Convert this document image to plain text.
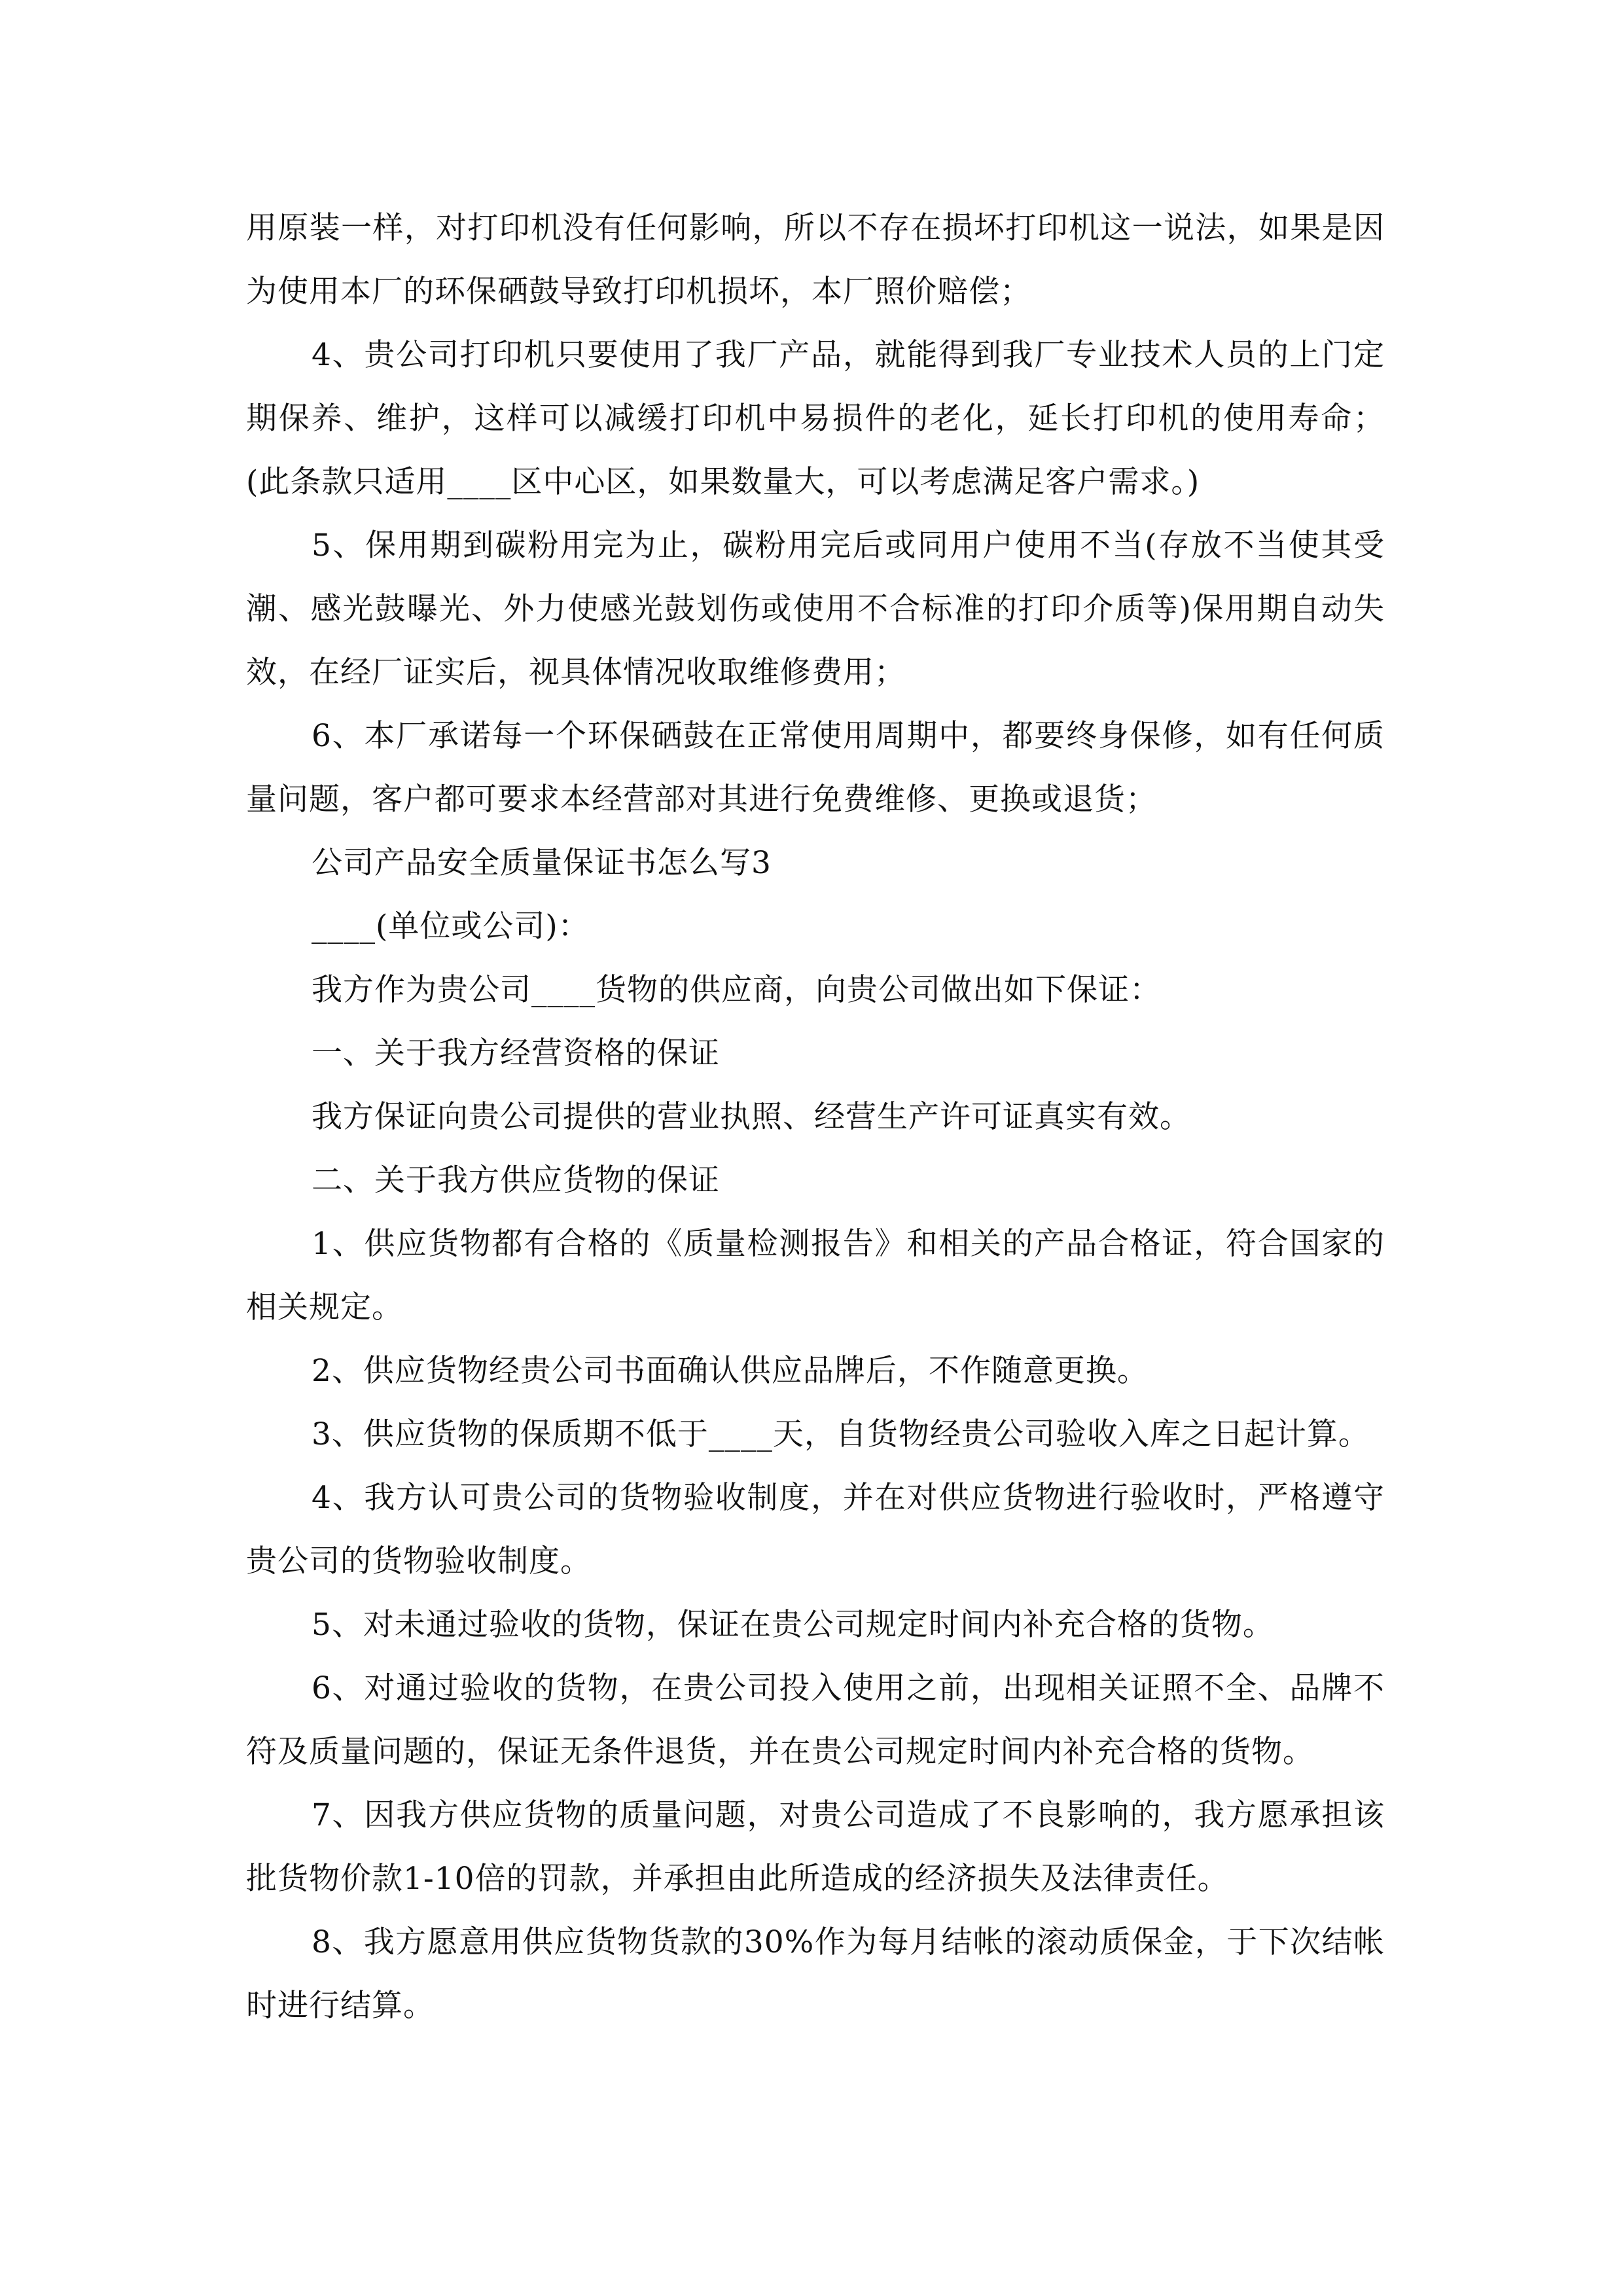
用原装一样，对打印机没有任何影响，所以不存在损坏打印机这一说法，如果是因为使用本厂的环保硒鼓导致打印机损坏，本厂照价赔偿；

4、贵公司打印机只要使用了我厂产品，就能得到我厂专业技术人员的上门定期保养、维护，这样可以减缓打印机中易损件的老化，延长打印机的使用寿命；(此条款只适用____区中心区，如果数量大，可以考虑满足客户需求。)

5、保用期到碳粉用完为止，碳粉用完后或同用户使用不当(存放不当使其受潮、感光鼓曝光、外力使感光鼓划伤或使用不合标准的打印介质等)保用期自动失效，在经厂证实后，视具体情况收取维修费用；

6、本厂承诺每一个环保硒鼓在正常使用周期中，都要终身保修，如有任何质量问题，客户都可要求本经营部对其进行免费维修、更换或退货；

公司产品安全质量保证书怎么写3

____(单位或公司)：

我方作为贵公司____货物的供应商，向贵公司做出如下保证：

一、关于我方经营资格的保证

我方保证向贵公司提供的营业执照、经营生产许可证真实有效。

二、关于我方供应货物的保证

1、供应货物都有合格的《质量检测报告》和相关的产品合格证，符合国家的相关规定。

2、供应货物经贵公司书面确认供应品牌后，不作随意更换。

3、供应货物的保质期不低于____天，自货物经贵公司验收入库之日起计算。

4、我方认可贵公司的货物验收制度，并在对供应货物进行验收时，严格遵守贵公司的货物验收制度。

5、对未通过验收的货物，保证在贵公司规定时间内补充合格的货物。

6、对通过验收的货物，在贵公司投入使用之前，出现相关证照不全、品牌不符及质量问题的，保证无条件退货，并在贵公司规定时间内补充合格的货物。

7、因我方供应货物的质量问题，对贵公司造成了不良影响的，我方愿承担该批货物价款1-10倍的罚款，并承担由此所造成的经济损失及法律责任。

8、我方愿意用供应货物货款的30%作为每月结帐的滚动质保金，于下次结帐时进行结算。
